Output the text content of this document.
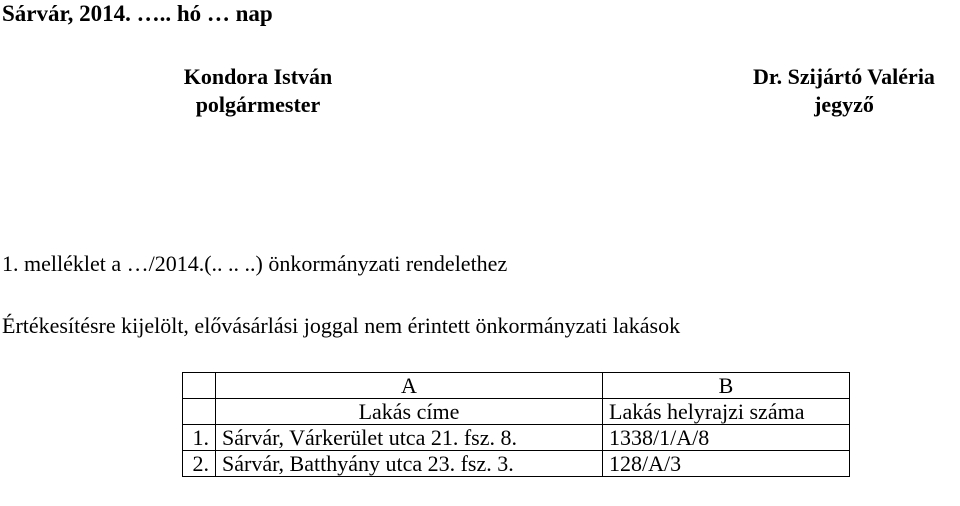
Sárvár, 2014. ….. hó … nap
Kondora István
polgármester
Dr. Szijártó Valéria
jegyző
1. melléklet a …/2014.(.. .. ..) önkormányzati rendelethez
Értékesítésre kijelölt, elővásárlási joggal nem érintett önkormányzati lakások
	A	B
	Lakás címe	Lakás helyrajzi száma
1.	Sárvár, Várkerület utca 21. fsz. 8.	1338/1/A/8
2.	Sárvár, Batthyány utca 23. fsz. 3.	128/A/3
